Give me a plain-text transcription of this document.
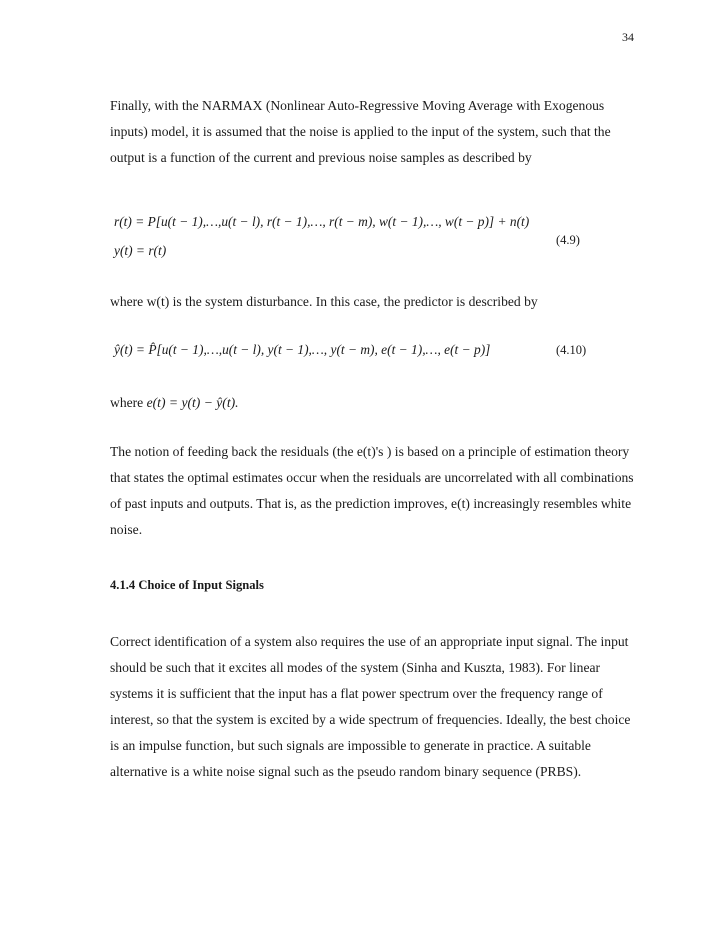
34

Finally, with the NARMAX (Nonlinear Auto-Regressive Moving Average with Exogenous inputs) model, it is assumed that the noise is applied to the input of the system, such that the output is a function of the current and previous noise samples as described by

r(t) = P[u(t − 1),…,u(t − l), r(t − 1),…, r(t − m), w(t − 1),…, w(t − p)] + n(t)
(4.9)
y(t) = r(t)

where w(t) is the system disturbance. In this case, the predictor is described by

ŷ(t) = P̂[u(t − 1),…,u(t − l), y(t − 1),…, y(t − m), e(t − 1),…, e(t − p)]	(4.10)

where e(t) = y(t) − ŷ(t).

The notion of feeding back the residuals (the e(t)'s ) is based on a principle of estimation theory that states the optimal estimates occur when the residuals are uncorrelated with all combinations of past inputs and outputs. That is, as the prediction improves, e(t) increasingly resembles white noise.

4.1.4 Choice of Input Signals

Correct identification of a system also requires the use of an appropriate input signal. The input should be such that it excites all modes of the system (Sinha and Kuszta, 1983). For linear systems it is sufficient that the input has a flat power spectrum over the frequency range of interest, so that the system is excited by a wide spectrum of frequencies. Ideally, the best choice is an impulse function, but such signals are impossible to generate in practice. A suitable alternative is a white noise signal such as the pseudo random binary sequence (PRBS).
